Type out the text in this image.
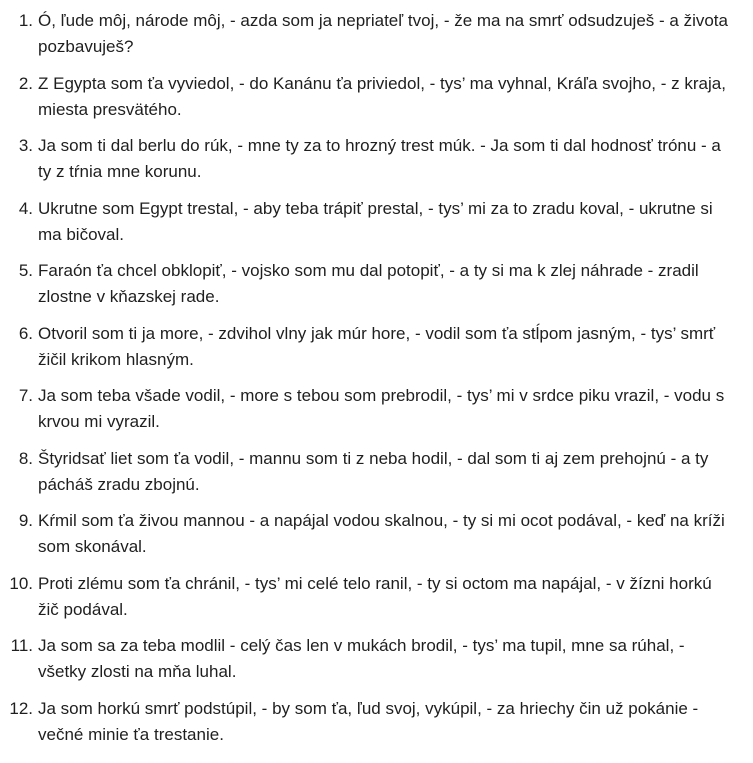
1. Ó, ľude môj, národe môj, - azda som ja nepriateľ tvoj, - že ma na smrť odsudzuješ - a života pozbavuješ?
2. Z Egypta som ťa vyviedol, - do Kanánu ťa priviedol, - tys’ ma vyhnal, Kráľa svojho, - z kraja, miesta presvätého.
3. Ja som ti dal berlu do rúk, - mne ty za to hrozný trest múk. - Ja som ti dal hodnosť trónu - a ty z tŕnia mne korunu.
4. Ukrutne som Egypt trestal, - aby teba trápiť prestal, - tys’ mi za to zradu koval, - ukrutne si ma bičoval.
5. Faraón ťa chcel obklopiť, - vojsko som mu dal potopiť, - a ty si ma k zlej náhrade - zradil zlostne v kňazskej rade.
6. Otvoril som ti ja more, - zdvihol vlny jak múr hore, - vodil som ťa stĺpom jasným, - tys’ smrť žičil krikom hlasným.
7. Ja som teba všade vodil, - more s tebou som prebrodil, - tys’ mi v srdce piku vrazil, - vodu s krvou mi vyrazil.
8. Štyridsať liet som ťa vodil, - mannu som ti z neba hodil, - dal som ti aj zem prehojnú - a ty pácháš zradu zbojnú.
9. Kŕmil som ťa živou mannou - a napájal vodou skalnou, - ty si mi ocot podával, - keď na kríži som skonával.
10. Proti zlému som ťa chránil, - tys’ mi celé telo ranil, - ty si octom ma napájal, - v žízni horkú žič podával.
11. Ja som sa za teba modlil - celý čas len v mukách brodil, - tys’ ma tupil, mne sa rúhal, - všetky zlosti na mňa luhal.
12. Ja som horkú smrť podstúpil, - by som ťa, ľud svoj, vykúpil, - za hriechy čin už pokánie - večné minie ťa trestanie.
